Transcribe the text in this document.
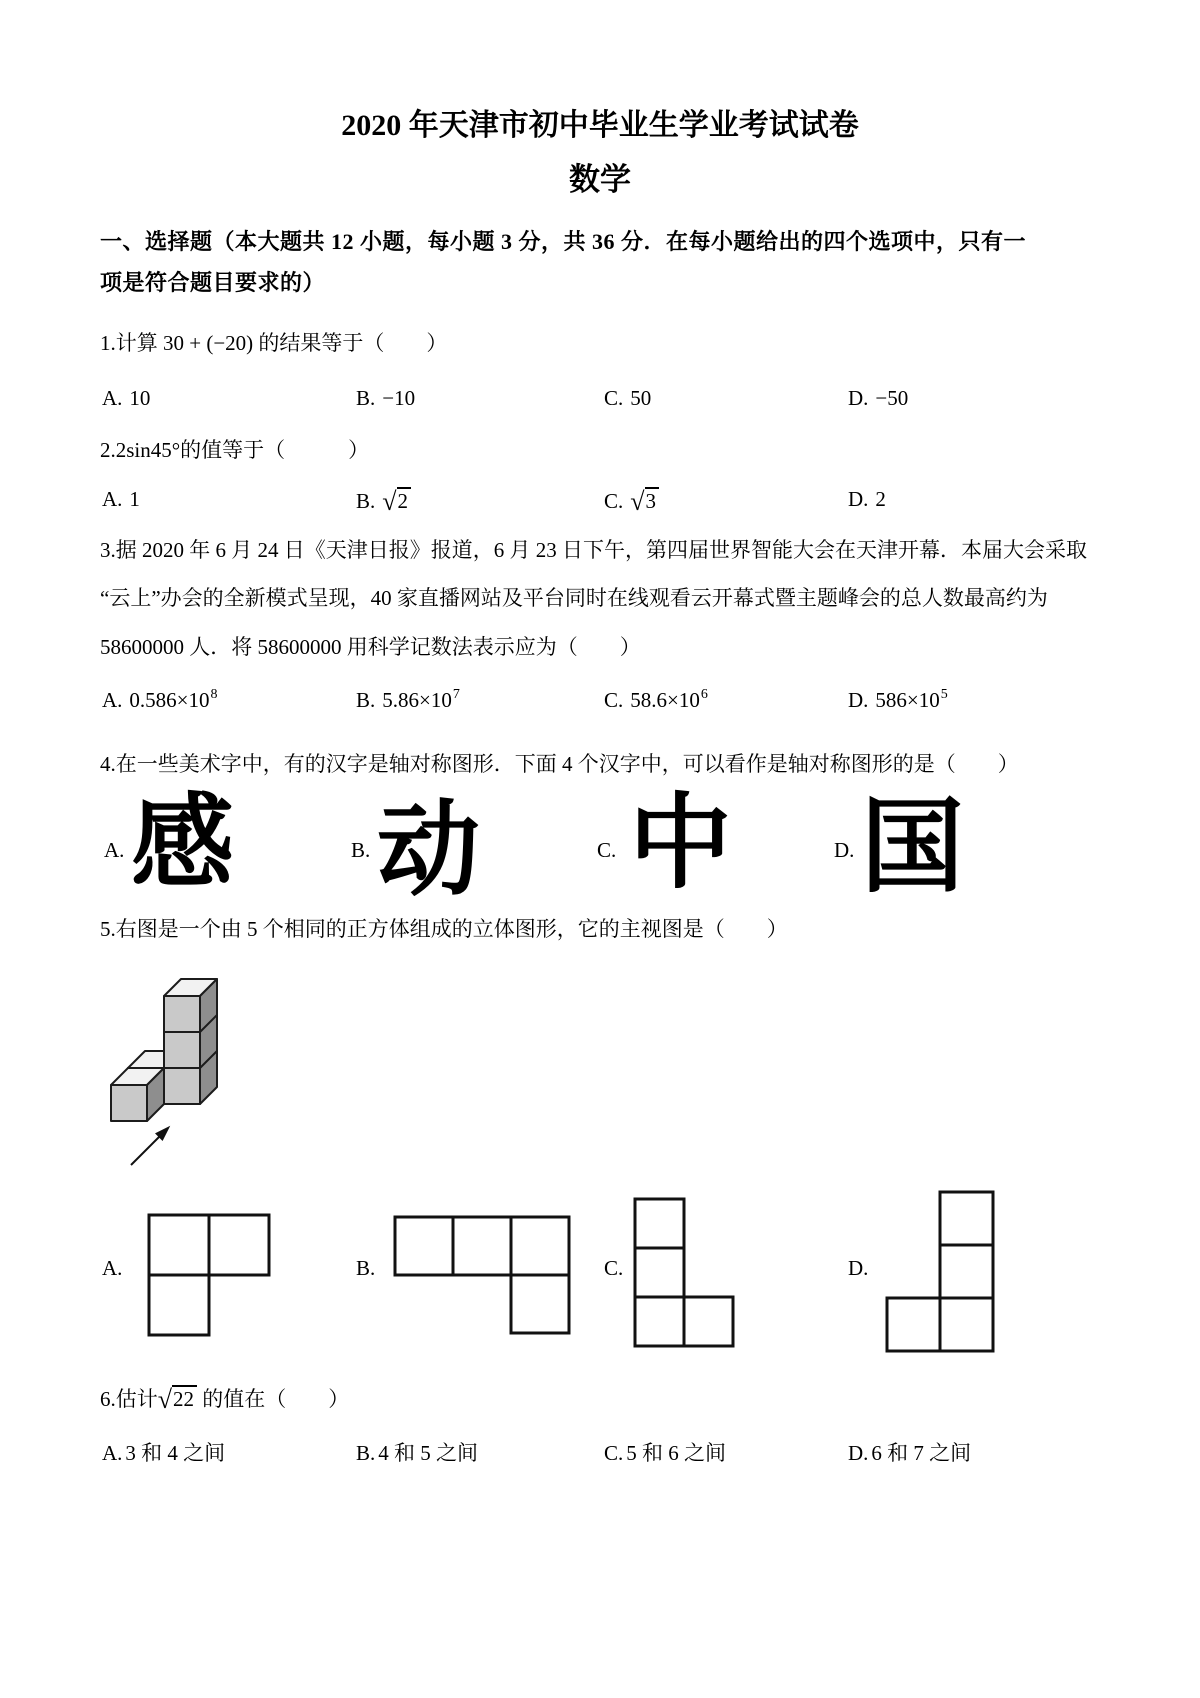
2020 年天津市初中毕业生学业考试试卷
数学
一、选择题（本大题共 12 小题，每小题 3 分，共 36 分．在每小题给出的四个选项中，只有一
项是符合题目要求的）
1.计算 30 + (−20) 的结果等于（　　）
A. 10	B. −10	C. 50	D. −50
2.2sin45°的值等于（　　　）
A. 1	B. √2	C. √3	D. 2
3.据 2020 年 6 月 24 日《天津日报》报道，6 月 23 日下午，第四届世界智能大会在天津开幕．本届大会采取
“云上”办会的全新模式呈现，40 家直播网站及平台同时在线观看云开幕式暨主题峰会的总人数最高约为
58600000 人．将 58600000 用科学记数法表示应为（　　）
A. $0.586\times 10^8$	B. $5.86\times 10^7$	C. $58.6\times 10^6$	D. $586\times 10^5$
4.在一些美术字中，有的汉字是轴对称图形．下面 4 个汉字中，可以看作是轴对称图形的是（　　）
A.	B.	C.	D.
感 动 中 国
5.右图是一个由 5 个相同的正方体组成的立体图形，它的主视图是（　　）
A.	B.	C.	D.
6.估计√22 的值在（　　）
A. 3 和 4 之间	B. 4 和 5 之间	C. 5 和 6 之间	D. 6 和 7 之间
